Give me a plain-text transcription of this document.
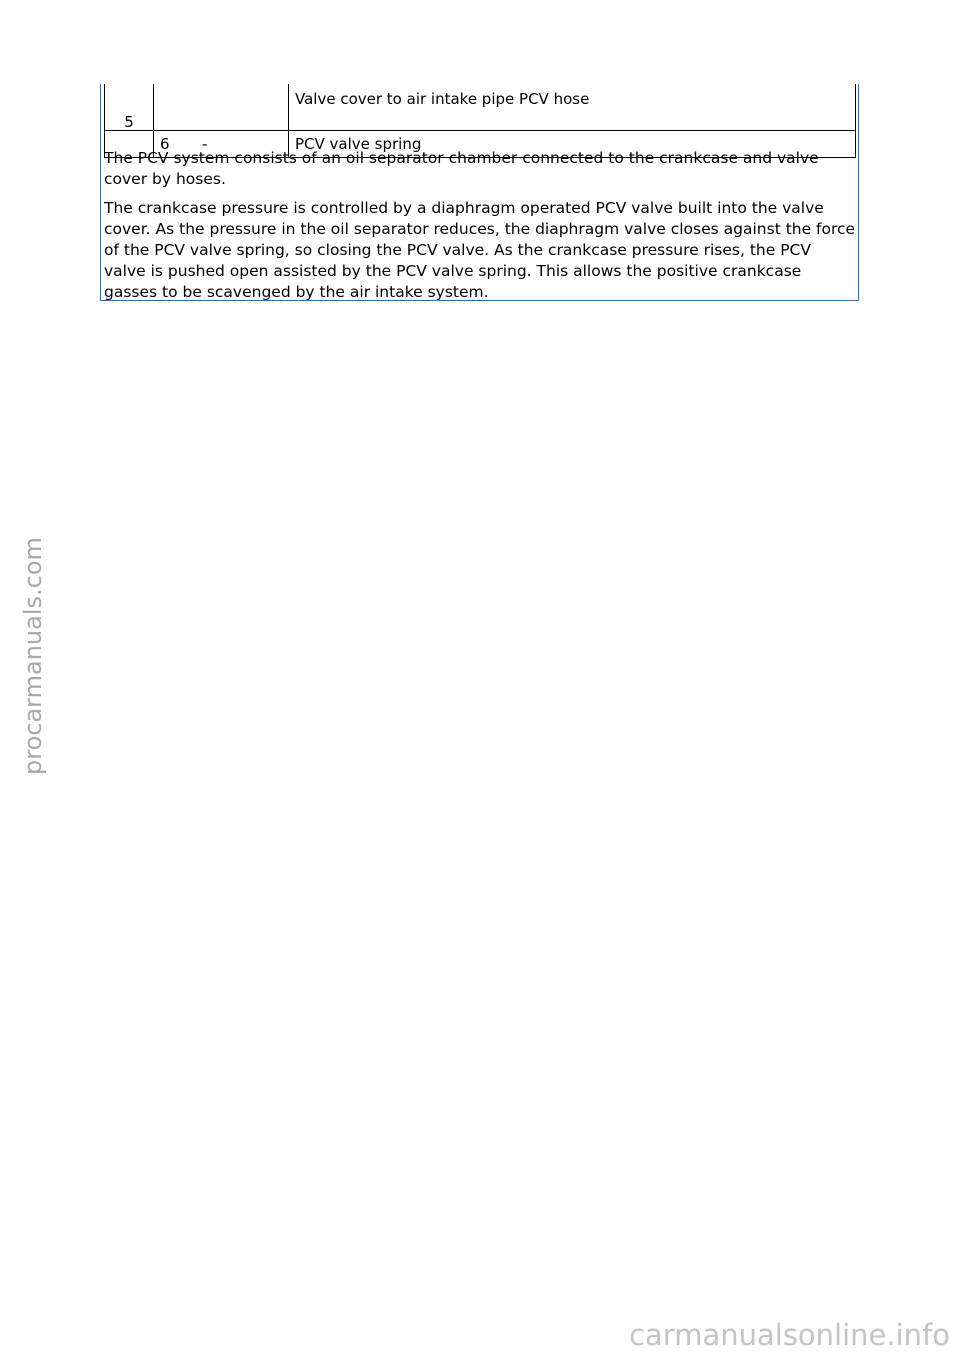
5		Valve cover to air intake pipe PCV hose
	6 -	PCV valve spring

The PCV system consists of an oil separator chamber connected to the crankcase and valve cover by hoses.

The crankcase pressure is controlled by a diaphragm operated PCV valve built into the valve cover. As the pressure in the oil separator reduces, the diaphragm valve closes against the force of the PCV valve spring, so closing the PCV valve. As the crankcase pressure rises, the PCV valve is pushed open assisted by the PCV valve spring. This allows the positive crankcase gasses to be scavenged by the air intake system.

procarmanuals.com
carmanualsonline.info
